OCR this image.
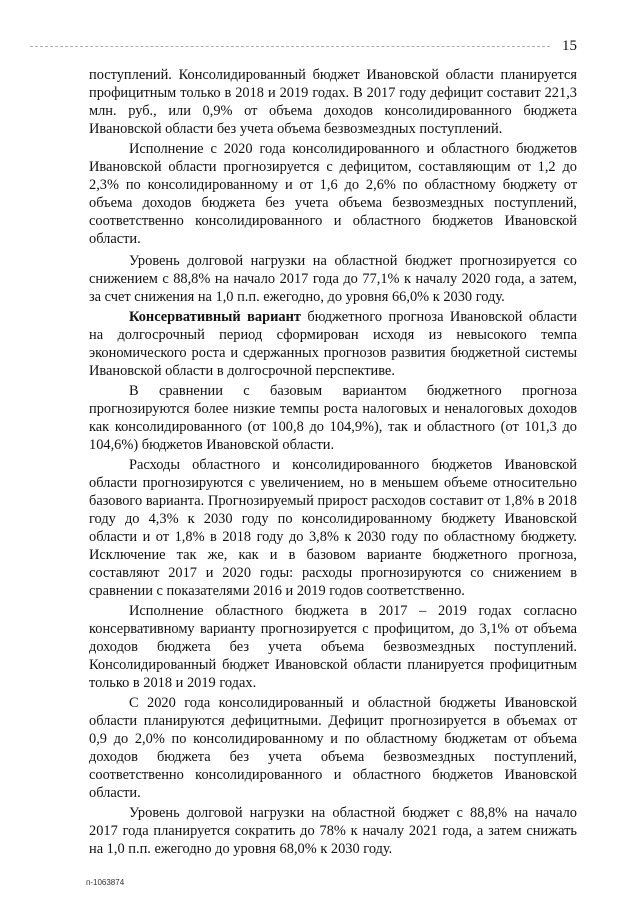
15

поступлений. Консолидированный бюджет Ивановской области планируется профицитным только в 2018 и 2019 годах. В 2017 году дефицит составит 221,3 млн. руб., или 0,9% от объема доходов консолидированного бюджета Ивановской области без учета объема безвозмездных поступлений.

Исполнение с 2020 года консолидированного и областного бюджетов Ивановской области прогнозируется с дефицитом, составляющим от 1,2 до 2,3% по консолидированному и от 1,6 до 2,6% по областному бюджету от объема доходов бюджета без учета объема безвозмездных поступлений, соответственно консолидированного и областного бюджетов Ивановской области.

Уровень долговой нагрузки на областной бюджет прогнозируется со снижением с 88,8% на начало 2017 года до 77,1% к началу 2020 года, а затем, за счет снижения на 1,0 п.п. ежегодно, до уровня 66,0% к 2030 году.

Консервативный вариант бюджетного прогноза Ивановской области на долгосрочный период сформирован исходя из невысокого темпа экономического роста и сдержанных прогнозов развития бюджетной системы Ивановской области в долгосрочной перспективе.

В сравнении с базовым вариантом бюджетного прогноза прогнозируются более низкие темпы роста налоговых и неналоговых доходов как консолидированного (от 100,8 до 104,9%), так и областного (от 101,3 до 104,6%) бюджетов Ивановской области.

Расходы областного и консолидированного бюджетов Ивановской области прогнозируются с увеличением, но в меньшем объеме относительно базового варианта. Прогнозируемый прирост расходов составит от 1,8% в 2018 году до 4,3% к 2030 году по консолидированному бюджету Ивановской области и от 1,8% в 2018 году до 3,8% к 2030 году по областному бюджету. Исключение так же, как и в базовом варианте бюджетного прогноза, составляют 2017 и 2020 годы: расходы прогнозируются со снижением в сравнении с показателями 2016 и 2019 годов соответственно.

Исполнение областного бюджета в 2017 – 2019 годах согласно консервативному варианту прогнозируется с профицитом, до 3,1% от объема доходов бюджета без учета объема безвозмездных поступлений. Консолидированный бюджет Ивановской области планируется профицитным только в 2018 и 2019 годах.

С 2020 года консолидированный и областной бюджеты Ивановской области планируются дефицитными. Дефицит прогнозируется в объемах от 0,9 до 2,0% по консолидированному и по областному бюджетам от объема доходов бюджета без учета объема безвозмездных поступлений, соответственно консолидированного и областного бюджетов Ивановской области.

Уровень долговой нагрузки на областной бюджет с 88,8% на начало 2017 года планируется сократить до 78% к началу 2021 года, а затем снижать на 1,0 п.п. ежегодно до уровня 68,0% к 2030 году.

п-1063874
